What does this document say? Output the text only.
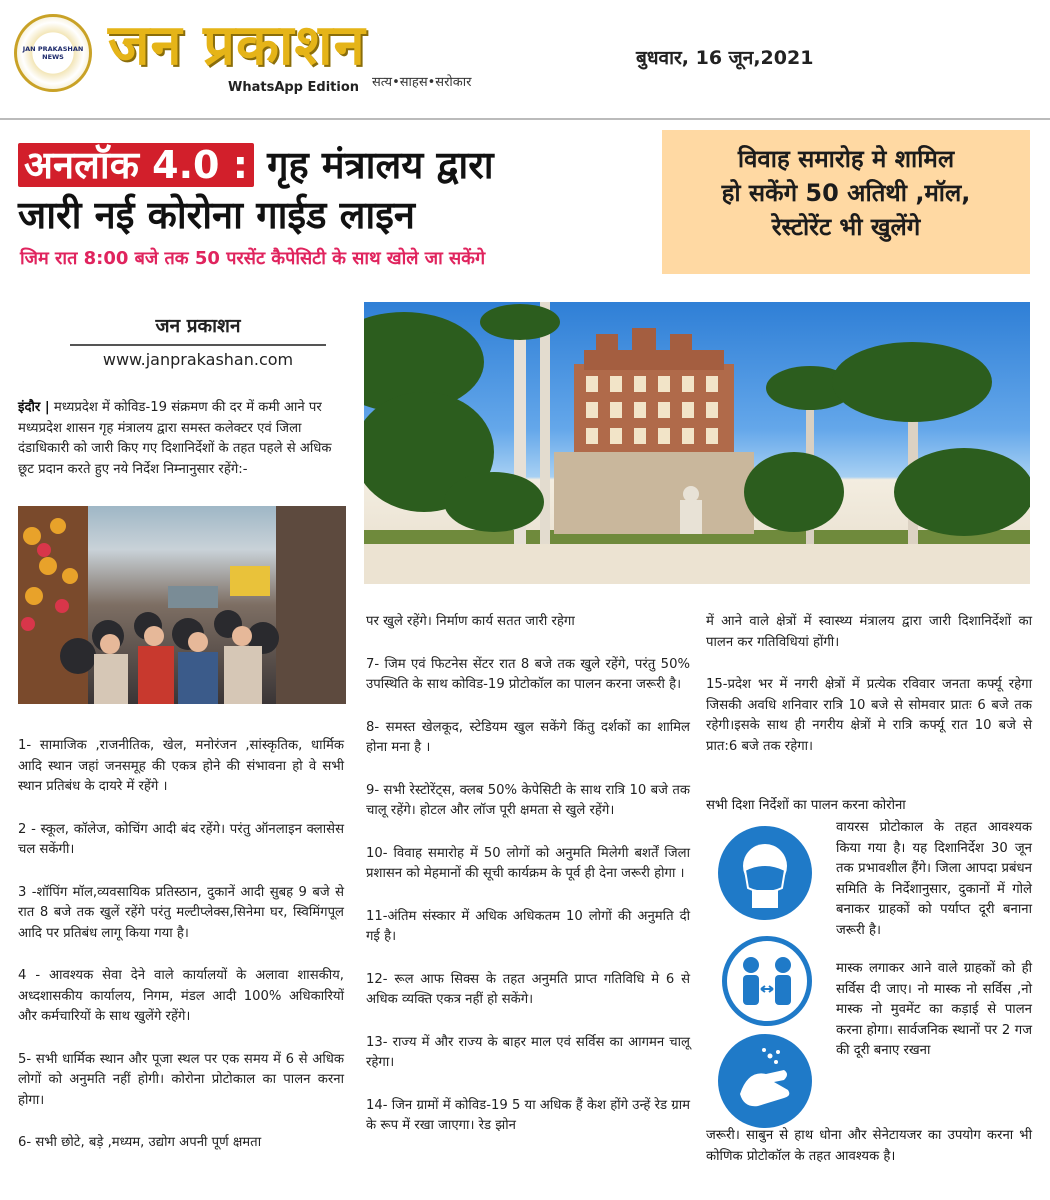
JAN PRAKASHAN NEWS जन प्रकाशन
WhatsApp Edition सत्य•साहस•सरोकार
बुधवार, 16 जून,2021
अनलॉक 4.0 : गृह मंत्रालय द्वारा
जारी नई कोरोना गाईड लाइन
जिम रात 8:00 बजे तक 50 परसेंट कैपेसिटी के साथ खोले जा सकेंगे
विवाह समारोह मे शामिल
हो सकेंगे 50 अतिथी ,मॉल,
रेस्टोरेंट भी खुलेंगे
जन प्रकाशन
www.janprakashan.com
इंदौर | मध्यप्रदेश में कोविड-19 संक्रमण की दर में कमी आने पर मध्यप्रदेश शासन गृह मंत्रालय द्वारा समस्त कलेक्टर एवं जिला दंडाधिकारी को जारी किए गए दिशानिर्देशों के तहत पहले से अधिक छूट प्रदान करते हुए नये निर्देश निम्नानुसार रहेंगे:-

1- सामाजिक ,राजनीतिक, खेल, मनोरंजन ,सांस्कृतिक, धार्मिक आदि स्थान जहां जनसमूह की एकत्र होने की संभावना हो वे सभी स्थान प्रतिबंध के दायरे में रहेंगे ।

2 - स्कूल, कॉलेज, कोचिंग आदी बंद रहेंगे। परंतु ऑनलाइन क्लासेस चल सकेंगी।

3 -शॉपिंग मॉल,व्यवसायिक प्रतिस्ठान, दुकानें आदी सुबह 9 बजे से रात 8 बजे तक खुलें रहेंगे परंतु मल्टीप्लेक्स,सिनेमा घर, स्विमिंगपूल आदि पर प्रतिबंध लागू किया गया है।

4 - आवश्यक सेवा देने वाले कार्यालयों के अलावा शासकीय, अध्दशासकीय कार्यालय, निगम, मंडल आदी 100% अधिकारियों और कर्मचारियों के साथ खुलेंगे रहेंगे।

5- सभी धार्मिक स्थान और पूजा स्थल पर एक समय में 6 से अधिक लोगों को अनुमति नहीं होगी। कोरोना प्रोटोकाल का पालन करना होगा।

6- सभी छोटे, बड़े ,मध्यम, उद्योग अपनी पूर्ण क्षमता

पर खुले रहेंगे। निर्माण कार्य सतत जारी रहेगा

7- जिम एवं फिटनेस सेंटर रात 8 बजे तक खुले रहेंगे, परंतु 50% उपस्थिति के साथ कोविड-19 प्रोटोकॉल का पालन करना जरूरी है।

8- समस्त खेलकूद, स्टेडियम खुल सकेंगे किंतु दर्शकों का शामिल होना मना है ।

9- सभी रेस्टोरेंट्स, क्लब 50% केपेसिटी के साथ रात्रि 10 बजे तक चालू रहेंगे। होटल और लॉज पूरी क्षमता से खुले रहेंगे।

10- विवाह समारोह में 50 लोगों को अनुमति मिलेगी बशर्तें जिला प्रशासन को मेहमानों की सूची कार्यक्रम के पूर्व ही देना जरूरी होगा ।

11-अंतिम संस्कार में अधिक अधिकतम 10 लोगों की अनुमति दी गई है।

12- रूल आफ सिक्स के तहत अनुमति प्राप्त गतिविधि मे 6 से अधिक व्यक्ति एकत्र नहीं हो सकेंगे।

13- राज्य में और राज्य के बाहर माल एवं सर्विस का आगमन चालू रहेगा।

14- जिन ग्रामों में कोविड-19 5 या अधिक हैं केश होंगे उन्हें रेड ग्राम के रूप में रखा जाएगा। रेड झोन

में आने वाले क्षेत्रों में स्वास्थ्य मंत्रालय द्वारा जारी दिशानिर्देशों का पालन कर गतिविधियां होंगी।

15-प्रदेश भर में नगरी क्षेत्रों में प्रत्येक रविवार जनता कर्फ्यू रहेगा जिसकी अवधि शनिवार रात्रि 10 बजे से सोमवार प्रातः 6 बजे तक रहेगी।इसके साथ ही नगरीय क्षेत्रों मे रात्रि कर्फ्यू रात 10 बजे से प्रात:6 बजे तक रहेगा।

सभी दिशा निर्देशों का पालन करना कोरोना

वायरस प्रोटोकाल के तहत आवश्यक किया गया है। यह दिशानिर्देश 30 जून तक प्रभावशील हैंगे। जिला आपदा प्रबंधन समिति के निर्देशानुसार, दुकानों में गोले बनाकर ग्राहकों को पर्याप्त दूरी बनाना जरूरी है।

मास्क लगाकर आने वाले ग्राहकों को ही सर्विस दी जाए। नो मास्क नो सर्विस ,नो मास्क नो मुवमेंट का कड़ाई से पालन करना होगा। सार्वजनिक स्थानों पर 2 गज की दूरी बनाए रखना

जरूरी। साबुन से हाथ धोना और सेनेटायजर का उपयोग करना भी कोणिक प्रोटोकॉल के तहत आवश्यक है।
